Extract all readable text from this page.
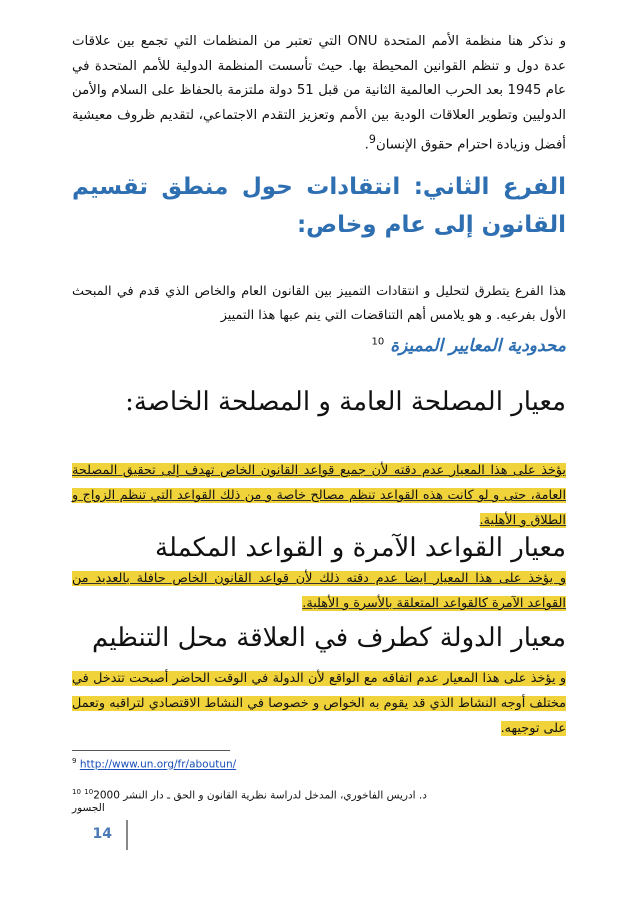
و نذكر هنا منظمة الأمم المتحدة ONU التي تعتبر من المنظمات التي تجمع بين علاقات عدة دول و تنظم القوانين المحيطة بها. حيث تأسست المنظمة الدولية للأمم المتحدة في عام 1945 بعد الحرب العالمية الثانية من قبل 51 دولة ملتزمة بالحفاظ على السلام والأمن الدوليين وتطوير العلاقات الودية بين الأمم وتعزيز التقدم الاجتماعي، لتقديم ظروف معيشية أفضل وزيادة احترام حقوق الإنسان$^9$.

الفرع الثاني: انتقادات حول منطق تقسيم القانون إلى عام وخاص:

هذا الفرع يتطرق لتحليل و انتقادات التمييز بين القانون العام والخاص الذي قدم في المبحث الأول بفرعيه. و هو يلامس أهم التناقضات التي ينم عبها هذا التمييز

محدودية المعايير المميزة $^{10}$
معيار المصلحة العامة و المصلحة الخاصة:

يؤخذ على هذا المعيار عدم دقته لأن جميع قواعد القانون الخاص تهدف إلى تحقيق المصلحة العامة، حتى و لو كانت هذه القواعد تنظم مصالح خاصة و من ذلك القواعد التي تنظم الزواج و الطلاق و الأهلية.

معيار القواعد الآمرة و القواعد المكملة

و يؤخذ على هذا المعيار ايضا عدم دقته ذلك لأن قواعد القانون الخاص حافلة بالعديد من القواعد الآمرة كالقواعد المتعلقة بالأسرة و الأهلية.

معيار الدولة كطرف في العلاقة محل التنظيم

و يؤخذ على هذا المعيار عدم اتفاقه مع الواقع لأن الدولة في الوقت الحاضر أصبحت تتدخل في مختلف أوجه النشاط الذي قد يقوم به الخواص و خصوصا في النشاط الاقتصادي لتراقبه وتعمل على توجيهه.

$^9$ http://www.un.org/fr/aboutun/
$^{10}$ $^{10}$2000 د. ادريس الفاخوري، المدخل لدراسة نظرية القانون و الحق ـ دار النشر الجسور
14
